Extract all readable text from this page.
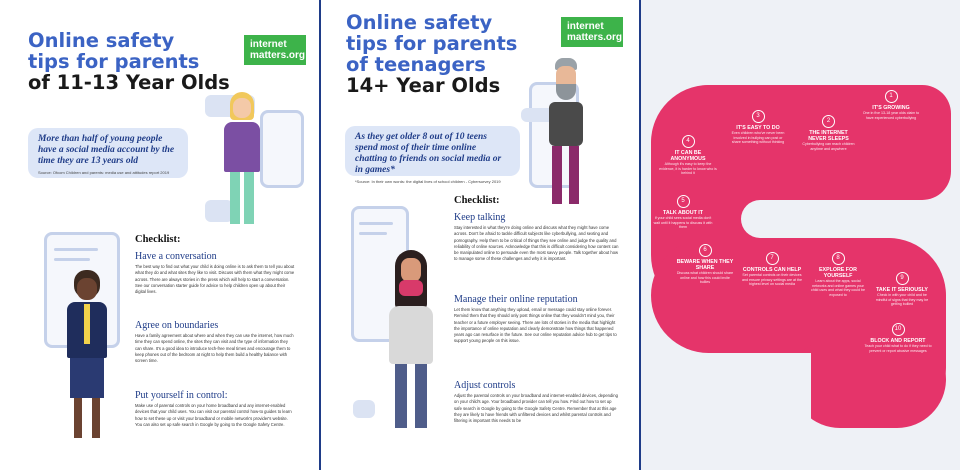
Online safety
tips for parents
of 11-13 Year Olds
internet
matters.org
More than half of young people have a social media account by the time they are 13 years old
Source: Ofcom Children and parents: media use and attitudes report 2019
Checklist:
Have a conversation
The best way to find out what your child is doing online is to ask them to tell you about what they do and what sites they like to visit. Discuss with them what they might come across. There are always stories in the press which will help to start a conversation. See our conversation starter guide for advice to help children open up about their digital lives.
Agree on boundaries
Have a family agreement about where and when they can use the internet, how much time they can spend online, the sites they can visit and the type of information they can share. It's a good idea to introduce tech-free meal times and encourage them to keep phones out of the bedroom at night to help them build a healthy balance with screen time.
Put yourself in control:
Make use of parental controls on your home broadband and any internet-enabled devices that your child uses. You can visit our parental control how-to guides to learn how to set these up or visit your broadband or mobile network's provider's website. You can also set up safe search in Google by going to the Google Safety Centre.
Online safety
tips for parents
of teenagers
14+ Year Olds
internet
matters.org
As they get older 8 out of 10 teens spend most of their time online chatting to friends on social media or in games*
*Source: In their own words: the digital lives of school children - Cybersurvey 2019
Checklist:
Keep talking
Stay interested in what they're doing online and discuss what they might have come across. Don't be afraid to tackle difficult subjects like cyberbullying, and sexting and pornography. Help them to be critical of things they see online and judge the quality and reliability of online sources. Acknowledge that this is difficult considering how content can be manipulated online to persuade even the most savvy people. Talk together about how to manage some of these challenges and why it is important.
Manage their online reputation
Let them know that anything they upload, email or message could stay online forever. Remind them that they should only post things online that they wouldn't mind you, their teacher or a future employer seeing. There are lots of stories in the media that highlight the importance of online reputation and clearly demonstrate how things that happened years ago can resurface in the future. See our online reputation advice hub to get tips to support young people on this issue.
Adjust controls
Adjust the parental controls on your broadband and internet-enabled devices, depending on your child's age. Your broadband provider can tell you how. Find out how to set up safe search in Google by going to the Google Safety Centre. Remember that at this age they are likely to have friends with unfiltered devices and whilst parental controls and filtering is important this needs to be
1
IT'S GROWING
One in five 13-18 year olds claim to have experienced cyberbullying
2
THE INTERNET NEVER SLEEPS
Cyberbullying can reach children anytime and anywhere
3
IT'S EASY TO DO
Even children who've never been involved in bullying can post or share something without thinking
4
IT CAN BE ANONYMOUS
Although it's easy to keep the evidence, it is harder to know who is behind it
5
TALK ABOUT IT
If your child sees social media don't wait until it happens to discuss it with them
6
BEWARE WHEN THEY SHARE
Discuss what children should share online and how this could invite bullies
7
CONTROLS CAN HELP
Set parental controls on their devices and ensure privacy settings are at the highest level on social media
8
EXPLORE FOR YOURSELF
Learn about the apps, social networks and online games your child uses and what they could be exposed to
9
TAKE IT SERIOUSLY
Check in with your child and be mindful of signs that they may be getting bullied
10
BLOCK AND REPORT
Teach your child what to do if they need to prevent or report abusive messages
